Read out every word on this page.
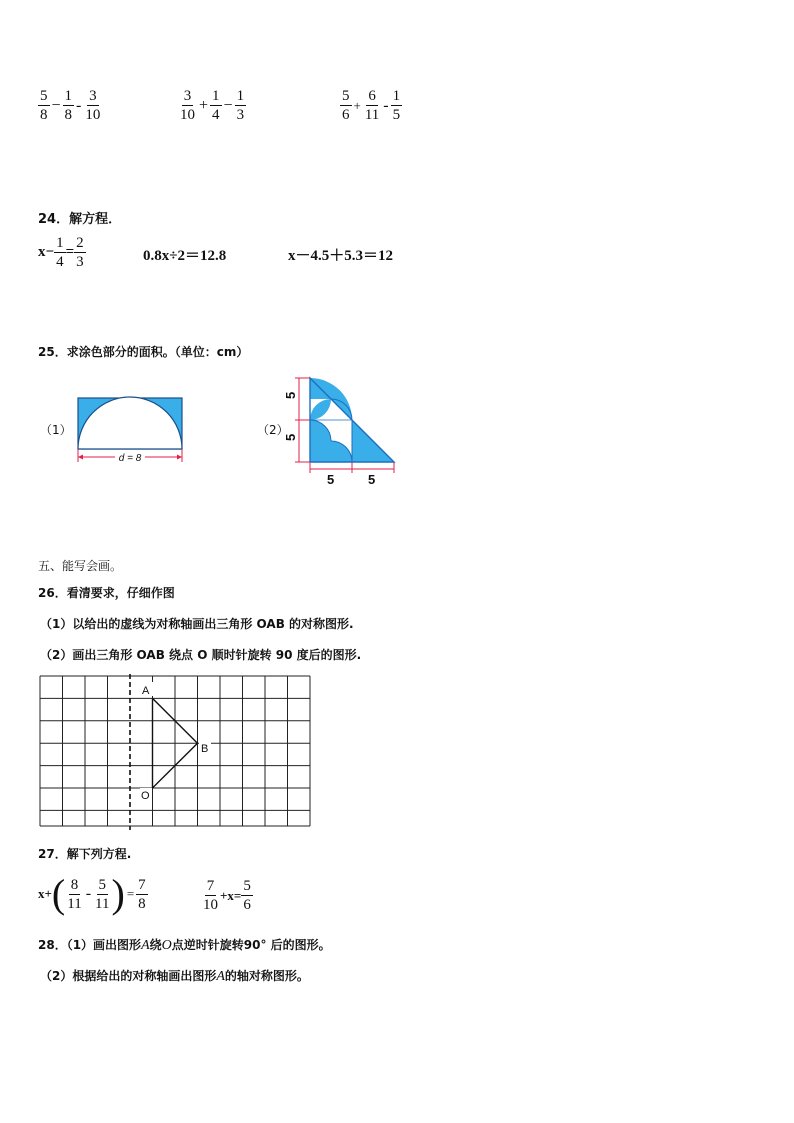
$\frac{5}{8} - \frac{1}{8} - \frac{3}{10}$	$\frac{3}{10} + \frac{1}{4} - \frac{1}{3}$	$\frac{5}{6} + \frac{6}{11} - \frac{1}{5}$
24．解方程．
$x- \frac{1}{4} = \frac{2}{3}$	0.8x÷2＝12.8	x－4.5＋5.3＝12
25．求涂色部分的面积。（单位：cm）
（1）
d = 8
（2）
5
5
5	5
五、能写会画。
26．看清要求，仔细作图
（1）以给出的虚线为对称轴画出三角形 OAB 的对称图形.
（2）画出三角形 OAB 绕点 O 顺时针旋转 90 度后的图形.
A
B
O
27．解下列方程.
x+ ( $\frac{8}{11} - \frac{5}{11}$ ) = $\frac{7}{8}$	$\frac{7}{10} +x= \frac{5}{6}$
28．（1）画出图形A绕O点逆时针旋转90° 后的图形。
（2）根据给出的对称轴画出图形A的轴对称图形。
